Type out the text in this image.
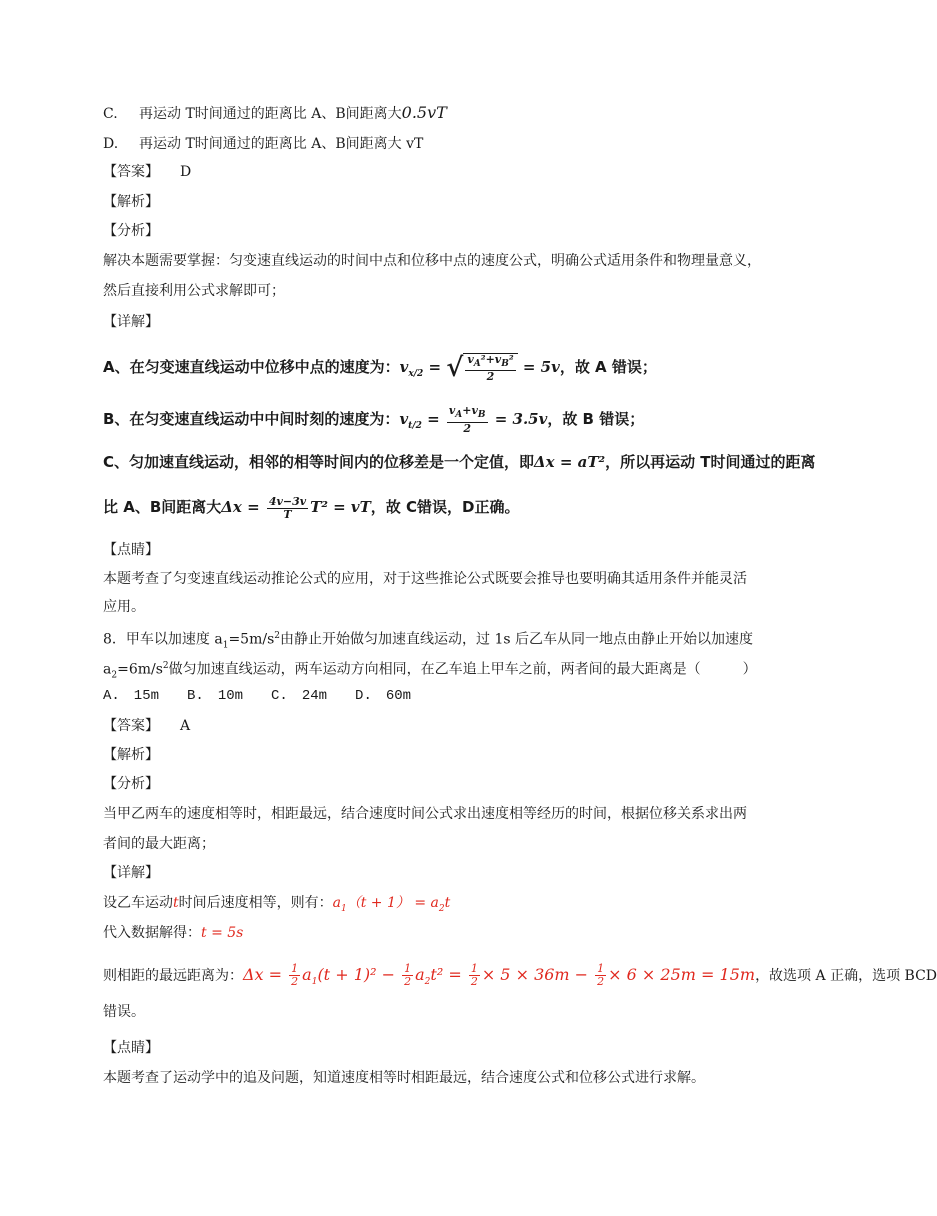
C. 再运动 T时间通过的距离比 A、B间距离大0.5vT
D. 再运动 T时间通过的距离比 A、B间距离大 vT
【答案】　　 D
【解析】
【分析】
解决本题需要掌握：匀变速直线运动的时间中点和位移中点的速度公式，明确公式适用条件和物理量意义，
然后直接利用公式求解即可；
【详解】
A、在匀变速直线运动中位移中点的速度为：$v_{x/2}$ = √ $\frac{v_A^2+v_B^2}{2} = 5v$，故 A 错误；
B、在匀变速直线运动中中间时刻的速度为：$v_{t/2} = \frac{v_A+v_B}{2} = 3.5v$，故 B 错误；
C、匀加速直线运动，相邻的相等时间内的位移差是一个定值，即Δx = aT²，所以再运动 T时间通过的距离
比 A、B间距离大$\Delta x = \frac{4v-3v}{T} T^2$ = vT，故 C错误，D正确。
【点睛】
本题考查了匀变速直线运动推论公式的应用，对于这些推论公式既要会推导也要明确其适用条件并能灵活
应用。
8．甲车以加速度 $a_1=5m/s^2$由静止开始做匀加速直线运动，过 1s 后乙车从同一地点由静止开始以加速度
$a_2=6m/s^2$做匀加速直线运动，两车运动方向相同，在乙车追上甲车之前，两者间的最大距离是（　　　）
A.　15m　　 B.　10m　　 C.　24m　　 D.　60m
【答案】　　 A
【解析】
【分析】
当甲乙两车的速度相等时，相距最远，结合速度时间公式求出速度相等经历的时间，根据位移关系求出两
者间的最大距离；
【详解】
设乙车运动t时间后速度相等，则有：$a_1(t + 1) = a_2t$
代入数据解得：t = 5s
则相距的最远距离为：$\Delta x = \frac{1}{2} a_1(t + 1)^2 - \frac{1}{2} a_2t^2 = \frac{1}{2} \times 5 \times 36m - \frac{1}{2} \times 6 \times 25m = 15m$，故选项 A 正确，选项 BCD
错误。
【点睛】
本题考查了运动学中的追及问题，知道速度相等时相距最远，结合速度公式和位移公式进行求解。
